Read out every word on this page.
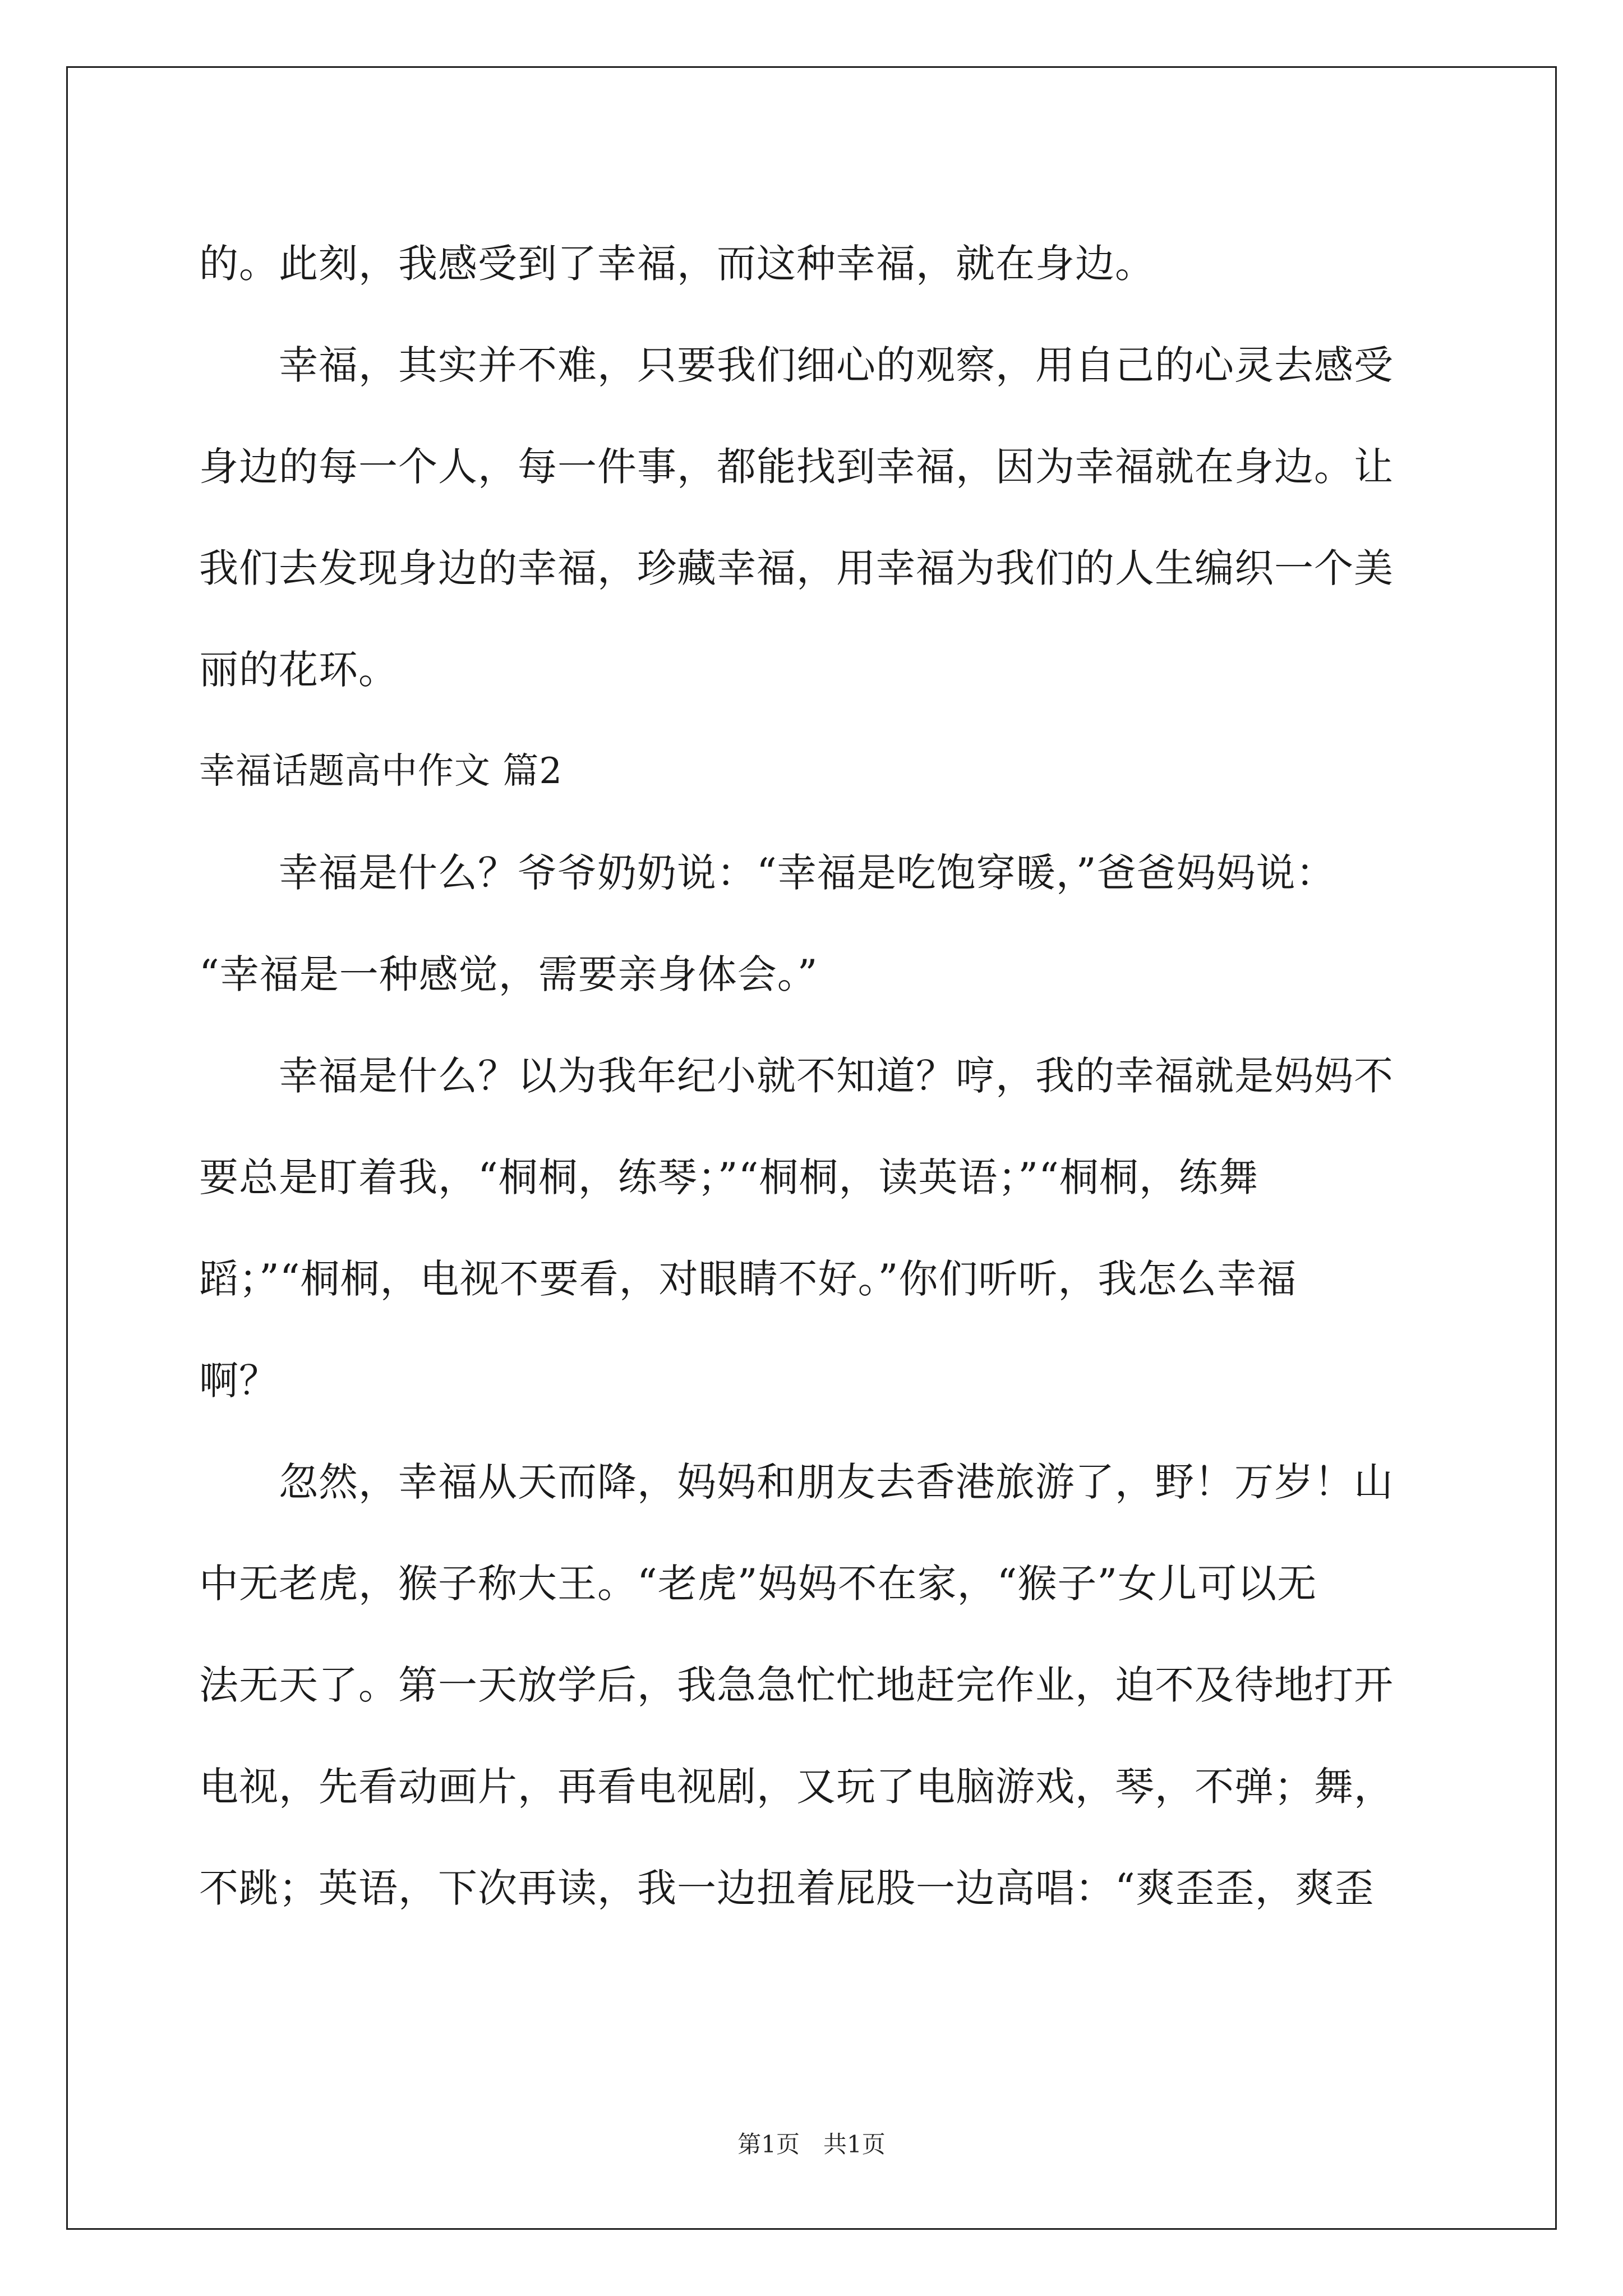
的。此刻，我感受到了幸福，而这种幸福，就在身边。
　　幸福，其实并不难，只要我们细心的观察，用自己的心灵去感受
身边的每一个人，每一件事，都能找到幸福，因为幸福就在身边。让
我们去发现身边的幸福，珍藏幸福，用幸福为我们的人生编织一个美
丽的花环。
幸福话题高中作文 篇2
　　幸福是什么？爷爷奶奶说：“幸福是吃饱穿暖，”爸爸妈妈说：
“幸福是一种感觉，需要亲身体会。”
　　幸福是什么？以为我年纪小就不知道？哼，我的幸福就是妈妈不
要总是盯着我，“桐桐，练琴；”“桐桐，读英语；”“桐桐，练舞
蹈；”“桐桐，电视不要看，对眼睛不好。”你们听听，我怎么幸福
啊？
　　忽然，幸福从天而降，妈妈和朋友去香港旅游了，野！万岁！山
中无老虎，猴子称大王。“老虎”妈妈不在家，“猴子”女儿可以无
法无天了。第一天放学后，我急急忙忙地赶完作业，迫不及待地打开
电视，先看动画片，再看电视剧，又玩了电脑游戏，琴，不弹；舞，
不跳；英语，下次再读，我一边扭着屁股一边高唱：“爽歪歪，爽歪
第1页　共1页
